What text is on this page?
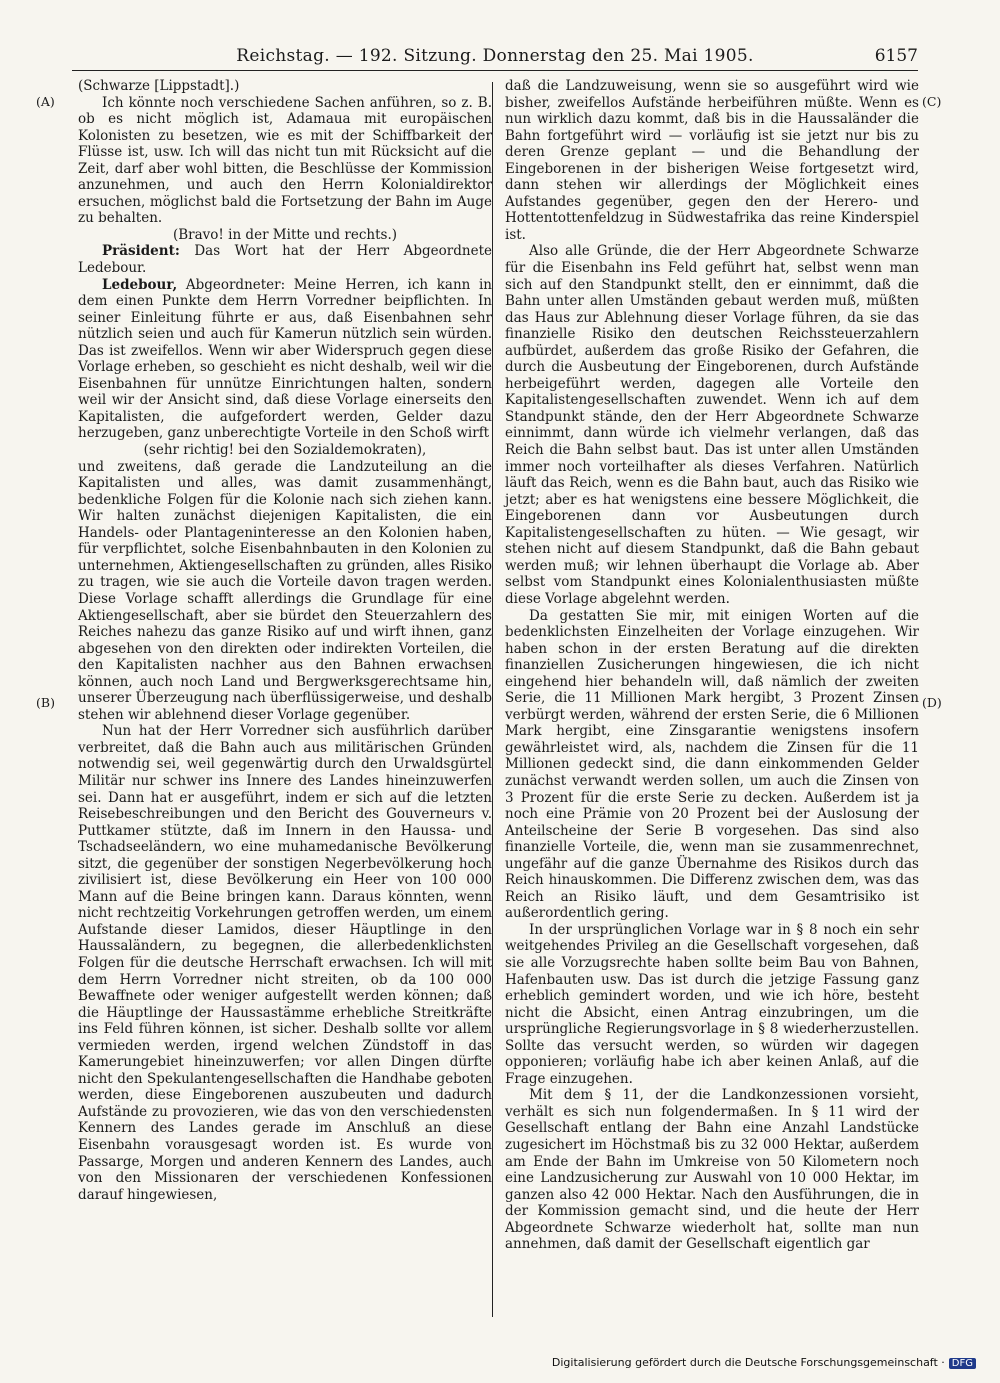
Reichstag. — 192. Sitzung. Donnerstag den 25. Mai 1905.	6157
(A)
(B)
(C)
(D)

(Schwarze [Lippstadt].)

Ich könnte noch verschiedene Sachen anführen, so z. B. ob es nicht möglich ist, Adamaua mit europäischen Kolonisten zu besetzen, wie es mit der Schiffbarkeit der Flüsse ist, usw. Ich will das nicht tun mit Rücksicht auf die Zeit, darf aber wohl bitten, die Beschlüsse der Kommission anzunehmen, und auch den Herrn Kolonialdirektor ersuchen, möglichst bald die Fortsetzung der Bahn im Auge zu behalten.

(Bravo! in der Mitte und rechts.)

Präsident: Das Wort hat der Herr Abgeordnete Ledebour.

Ledebour, Abgeordneter: Meine Herren, ich kann in dem einen Punkte dem Herrn Vorredner beipflichten. In seiner Einleitung führte er aus, daß Eisenbahnen sehr nützlich seien und auch für Kamerun nützlich sein würden. Das ist zweifellos. Wenn wir aber Widerspruch gegen diese Vorlage erheben, so geschieht es nicht deshalb, weil wir die Eisenbahnen für unnütze Einrichtungen halten, sondern weil wir der Ansicht sind, daß diese Vorlage einerseits den Kapitalisten, die aufgefordert werden, Gelder dazu herzugeben, ganz unberechtigte Vorteile in den Schoß wirft

(sehr richtig! bei den Sozialdemokraten),

und zweitens, daß gerade die Landzuteilung an die Kapitalisten und alles, was damit zusammenhängt, bedenkliche Folgen für die Kolonie nach sich ziehen kann. Wir halten zunächst diejenigen Kapitalisten, die ein Handels- oder Plantageninteresse an den Kolonien haben, für verpflichtet, solche Eisenbahnbauten in den Kolonien zu unternehmen, Aktiengesellschaften zu gründen, alles Risiko zu tragen, wie sie auch die Vorteile davon tragen werden. Diese Vorlage schafft allerdings die Grundlage für eine Aktiengesellschaft, aber sie bürdet den Steuerzahlern des Reiches nahezu das ganze Risiko auf und wirft ihnen, ganz abgesehen von den direkten oder indirekten Vorteilen, die den Kapitalisten nachher aus den Bahnen erwachsen können, auch noch Land und Bergwerksgerechtsame hin, unserer Überzeugung nach überflüssigerweise, und deshalb stehen wir ablehnend dieser Vorlage gegenüber.

Nun hat der Herr Vorredner sich ausführlich darüber verbreitet, daß die Bahn auch aus militärischen Gründen notwendig sei, weil gegenwärtig durch den Urwaldsgürtel Militär nur schwer ins Innere des Landes hineinzuwerfen sei. Dann hat er ausgeführt, indem er sich auf die letzten Reisebeschreibungen und den Bericht des Gouverneurs v. Puttkamer stützte, daß im Innern in den Haussa- und Tschadseeländern, wo eine muhamedanische Bevölkerung sitzt, die gegenüber der sonstigen Negerbevölkerung hoch zivilisiert ist, diese Bevölkerung ein Heer von 100 000 Mann auf die Beine bringen kann. Daraus könnten, wenn nicht rechtzeitig Vorkehrungen getroffen werden, um einem Aufstande dieser Lamidos, dieser Häuptlinge in den Haussaländern, zu begegnen, die allerbedenklichsten Folgen für die deutsche Herrschaft erwachsen. Ich will mit dem Herrn Vorredner nicht streiten, ob da 100 000 Bewaffnete oder weniger aufgestellt werden können; daß die Häuptlinge der Haussastämme erhebliche Streitkräfte ins Feld führen können, ist sicher. Deshalb sollte vor allem vermieden werden, irgend welchen Zündstoff in das Kamerungebiet hineinzuwerfen; vor allen Dingen dürfte nicht den Spekulantengesellschaften die Handhabe geboten werden, diese Eingeborenen auszubeuten und dadurch Aufstände zu provozieren, wie das von den verschiedensten Kennern des Landes gerade im Anschluß an diese Eisenbahn vorausgesagt worden ist. Es wurde von Passarge, Morgen und anderen Kennern des Landes, auch von den Missionaren der verschiedenen Konfessionen darauf hingewiesen,

daß die Landzuweisung, wenn sie so ausgeführt wird wie bisher, zweifellos Aufstände herbeiführen müßte. Wenn es nun wirklich dazu kommt, daß bis in die Haussaländer die Bahn fortgeführt wird — vorläufig ist sie jetzt nur bis zu deren Grenze geplant — und die Behandlung der Eingeborenen in der bisherigen Weise fortgesetzt wird, dann stehen wir allerdings der Möglichkeit eines Aufstandes gegenüber, gegen den der Herero- und Hottentottenfeldzug in Südwestafrika das reine Kinderspiel ist.

Also alle Gründe, die der Herr Abgeordnete Schwarze für die Eisenbahn ins Feld geführt hat, selbst wenn man sich auf den Standpunkt stellt, den er einnimmt, daß die Bahn unter allen Umständen gebaut werden muß, müßten das Haus zur Ablehnung dieser Vorlage führen, da sie das finanzielle Risiko den deutschen Reichssteuerzahlern aufbürdet, außerdem das große Risiko der Gefahren, die durch die Ausbeutung der Eingeborenen, durch Aufstände herbeigeführt werden, dagegen alle Vorteile den Kapitalistengesellschaften zuwendet. Wenn ich auf dem Standpunkt stände, den der Herr Abgeordnete Schwarze einnimmt, dann würde ich vielmehr verlangen, daß das Reich die Bahn selbst baut. Das ist unter allen Umständen immer noch vorteilhafter als dieses Verfahren. Natürlich läuft das Reich, wenn es die Bahn baut, auch das Risiko wie jetzt; aber es hat wenigstens eine bessere Möglichkeit, die Eingeborenen dann vor Ausbeutungen durch Kapitalistengesellschaften zu hüten. — Wie gesagt, wir stehen nicht auf diesem Standpunkt, daß die Bahn gebaut werden muß; wir lehnen überhaupt die Vorlage ab. Aber selbst vom Standpunkt eines Kolonialenthusiasten müßte diese Vorlage abgelehnt werden.

Da gestatten Sie mir, mit einigen Worten auf die bedenklichsten Einzelheiten der Vorlage einzugehen. Wir haben schon in der ersten Beratung auf die direkten finanziellen Zusicherungen hingewiesen, die ich nicht eingehend hier behandeln will, daß nämlich der zweiten Serie, die 11 Millionen Mark hergibt, 3 Prozent Zinsen verbürgt werden, während der ersten Serie, die 6 Millionen Mark hergibt, eine Zinsgarantie wenigstens insofern gewährleistet wird, als, nachdem die Zinsen für die 11 Millionen gedeckt sind, die dann einkommenden Gelder zunächst verwandt werden sollen, um auch die Zinsen von 3 Prozent für die erste Serie zu decken. Außerdem ist ja noch eine Prämie von 20 Prozent bei der Auslosung der Anteilscheine der Serie B vorgesehen. Das sind also finanzielle Vorteile, die, wenn man sie zusammenrechnet, ungefähr auf die ganze Übernahme des Risikos durch das Reich hinauskommen. Die Differenz zwischen dem, was das Reich an Risiko läuft, und dem Gesamtrisiko ist außerordentlich gering.

In der ursprünglichen Vorlage war in § 8 noch ein sehr weitgehendes Privileg an die Gesellschaft vorgesehen, daß sie alle Vorzugsrechte haben sollte beim Bau von Bahnen, Hafenbauten usw. Das ist durch die jetzige Fassung ganz erheblich gemindert worden, und wie ich höre, besteht nicht die Absicht, einen Antrag einzubringen, um die ursprüngliche Regierungsvorlage in § 8 wiederherzustellen. Sollte das versucht werden, so würden wir dagegen opponieren; vorläufig habe ich aber keinen Anlaß, auf die Frage einzugehen.

Mit dem § 11, der die Landkonzessionen vorsieht, verhält es sich nun folgendermaßen. In § 11 wird der Gesellschaft entlang der Bahn eine Anzahl Landstücke zugesichert im Höchstmaß bis zu 32 000 Hektar, außerdem am Ende der Bahn im Umkreise von 50 Kilometern noch eine Landzusicherung zur Auswahl von 10 000 Hektar, im ganzen also 42 000 Hektar. Nach den Ausführungen, die in der Kommission gemacht sind, und die heute der Herr Abgeordnete Schwarze wiederholt hat, sollte man nun annehmen, daß damit der Gesellschaft eigentlich gar

Digitalisierung gefördert durch die Deutsche Forschungsgemeinschaft · DFG
